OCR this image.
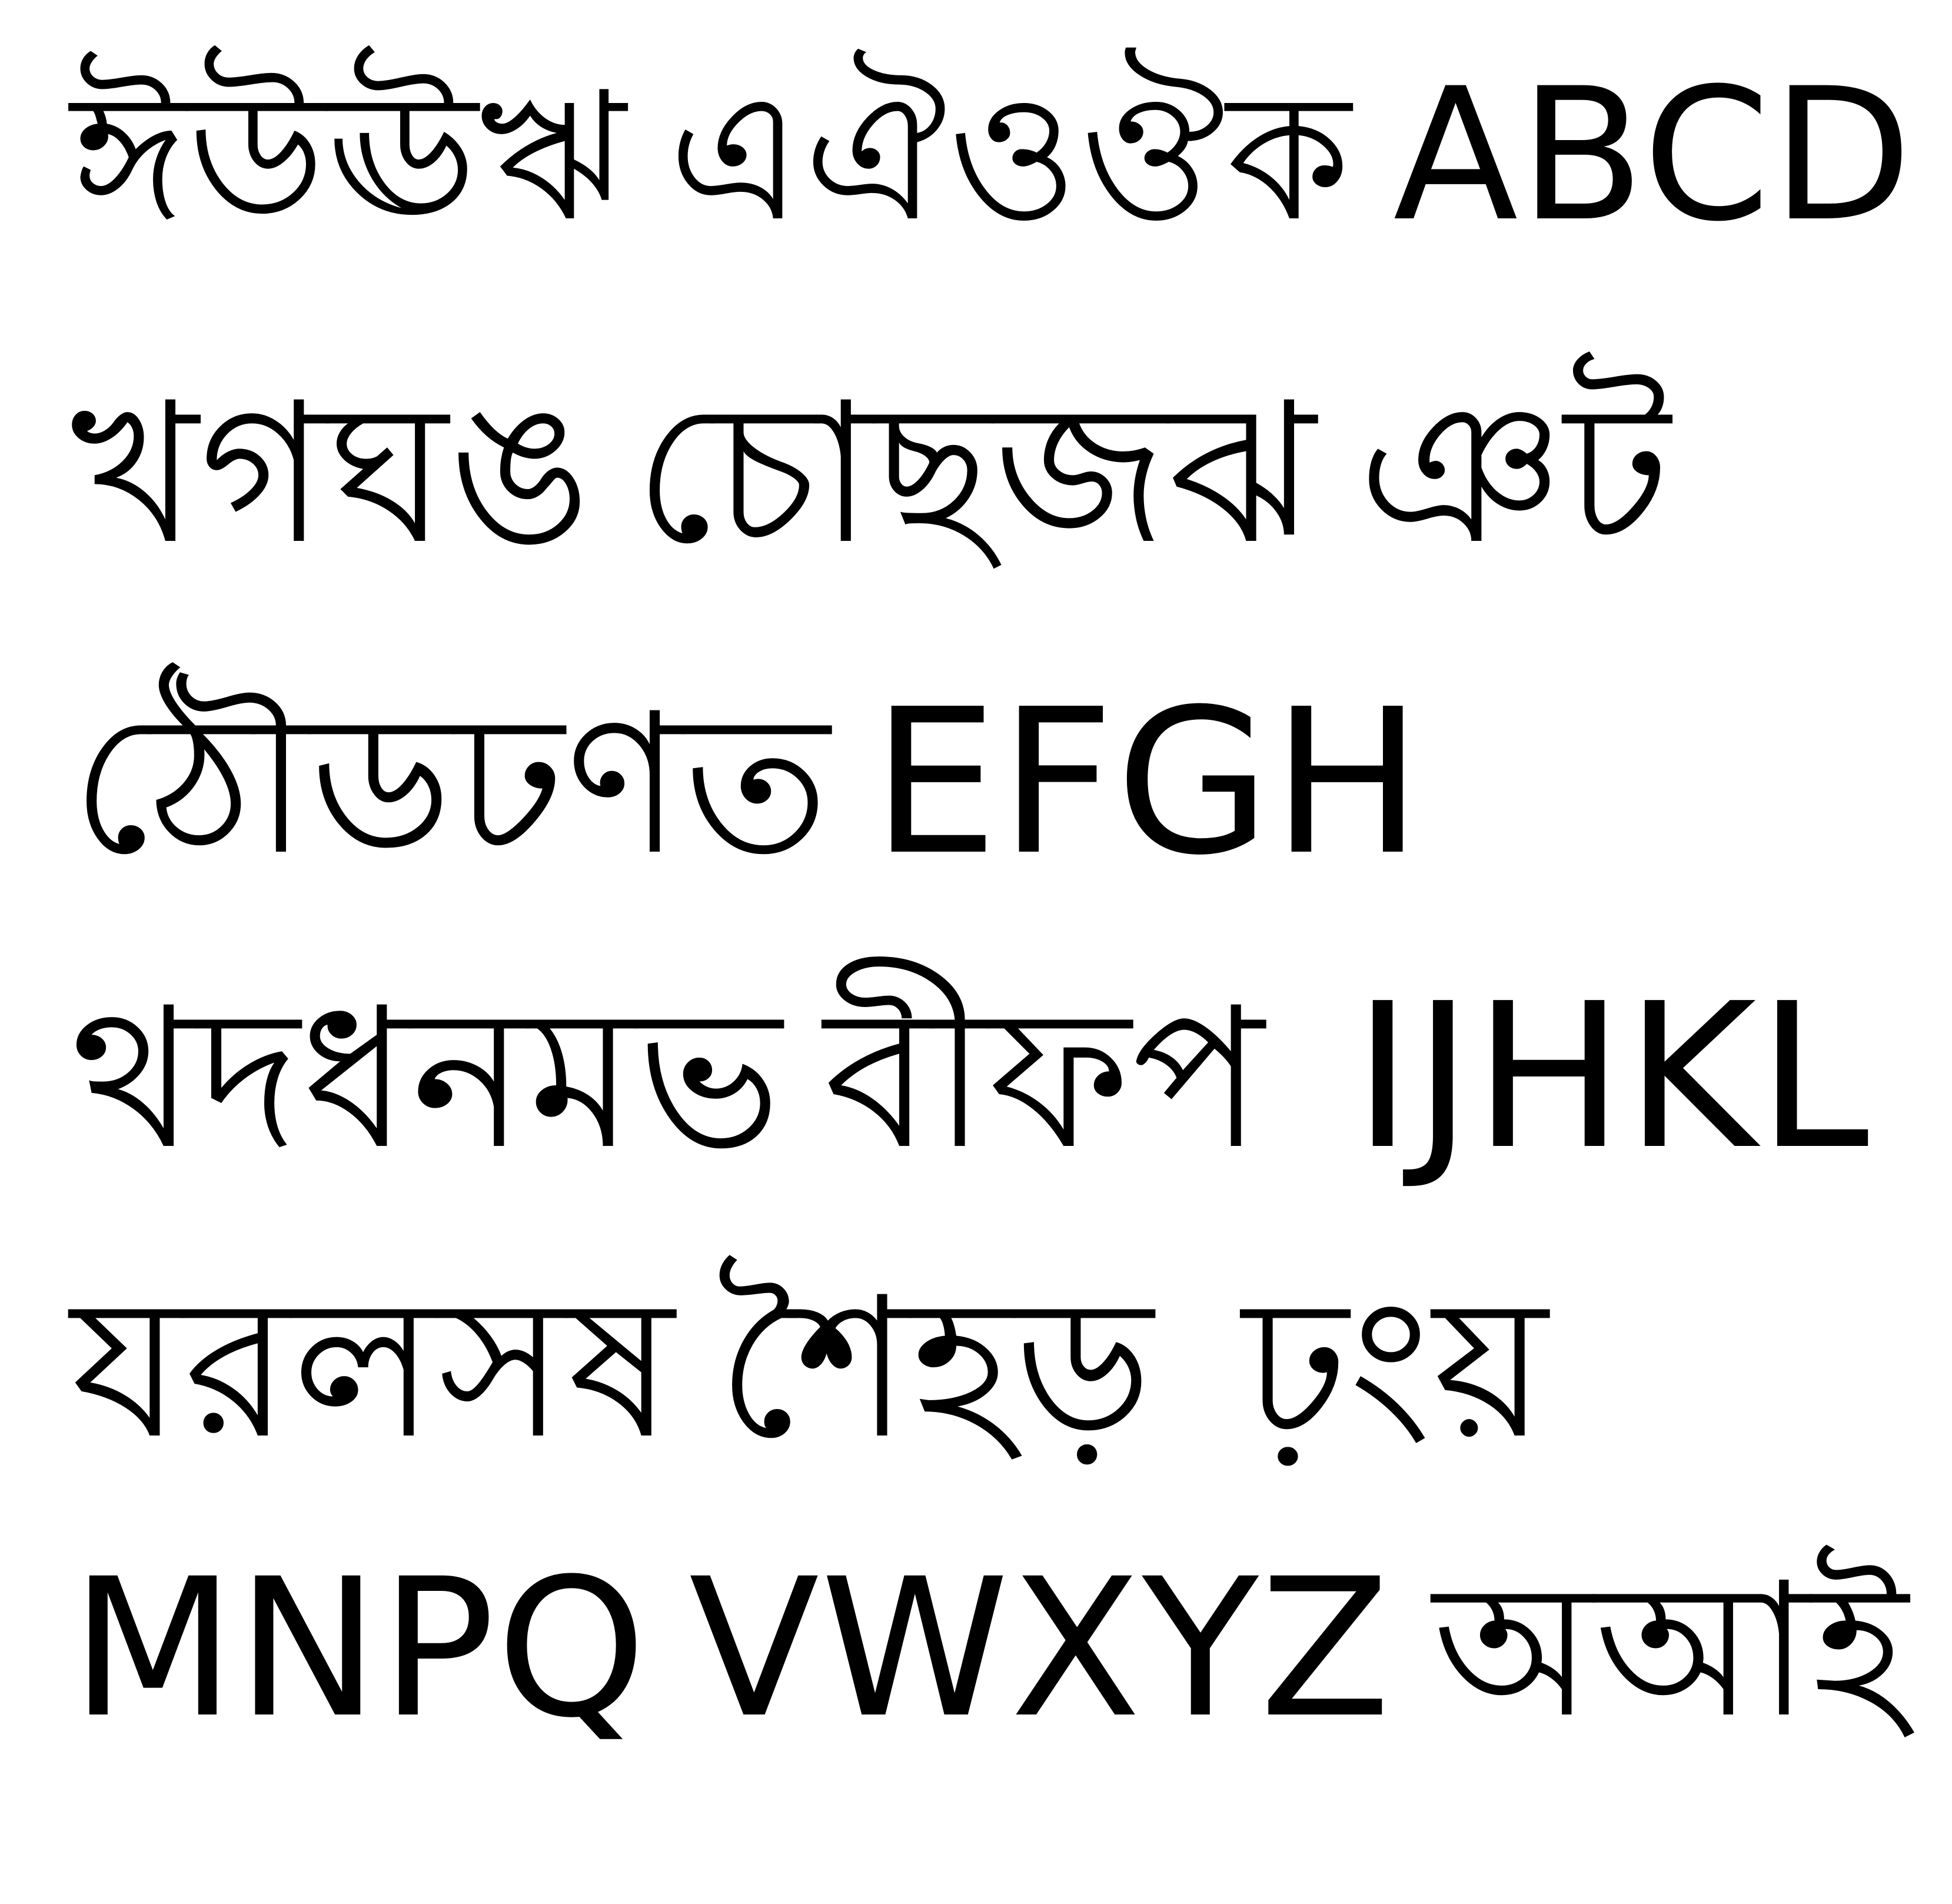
ঈউঊঋ এঐওঔক ABCD
খগঘঙ চোছজঝ ঞট
ঠৌডঢণত EFGH
থদধনমভ বীফপ IJHKL
যরলসষ শৈহড় ঢ়ংয়
MNPQ VWXYZ অআই
